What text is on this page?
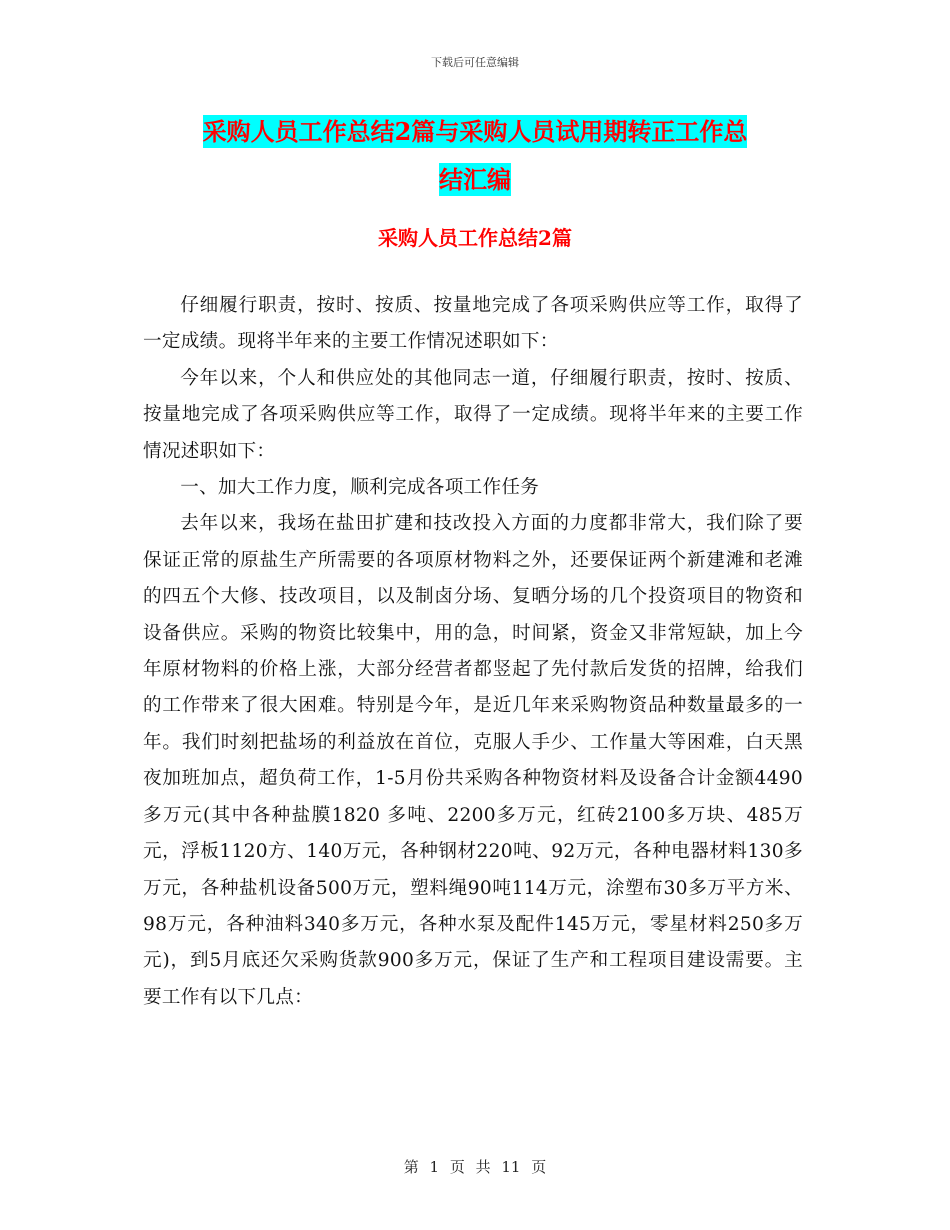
下载后可任意编辑
采购人员工作总结2篇与采购人员试用期转正工作总
结汇编
采购人员工作总结2篇

仔细履行职责，按时、按质、按量地完成了各项采购供应等工作，取得了一定成绩。现将半年来的主要工作情况述职如下：

今年以来，个人和供应处的其他同志一道，仔细履行职责，按时、按质、按量地完成了各项采购供应等工作，取得了一定成绩。现将半年来的主要工作情况述职如下：

一、加大工作力度，顺利完成各项工作任务

去年以来，我场在盐田扩建和技改投入方面的力度都非常大，我们除了要保证正常的原盐生产所需要的各项原材物料之外，还要保证两个新建滩和老滩的四五个大修、技改项目，以及制卤分场、复晒分场的几个投资项目的物资和设备供应。采购的物资比较集中，用的急，时间紧，资金又非常短缺，加上今年原材物料的价格上涨，大部分经营者都竖起了先付款后发货的招牌，给我们的工作带来了很大困难。特别是今年，是近几年来采购物资品种数量最多的一年。我们时刻把盐场的利益放在首位，克服人手少、工作量大等困难，白天黑夜加班加点，超负荷工作，1-5月份共采购各种物资材料及设备合计金额4490多万元(其中各种盐膜1820 多吨、2200多万元，红砖2100多万块、485万元，浮板1120方、140万元，各种钢材220吨、92万元，各种电器材料130多万元，各种盐机设备500万元，塑料绳90吨114万元，涂塑布30多万平方米、98万元，各种油料340多万元，各种水泵及配件145万元，零星材料250多万元)，到5月底还欠采购货款900多万元，保证了生产和工程项目建设需要。主要工作有以下几点：

第 1 页 共 11 页
